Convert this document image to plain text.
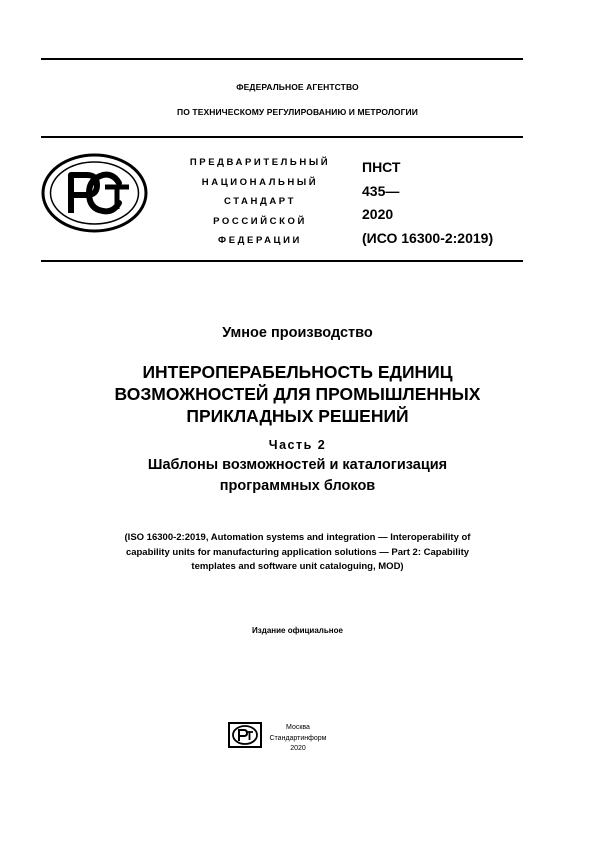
ФЕДЕРАЛЬНОЕ АГЕНТСТВО
ПО ТЕХНИЧЕСКОМУ РЕГУЛИРОВАНИЮ И МЕТРОЛОГИИ
ПРЕДВАРИТЕЛЬНЫЙ
НАЦИОНАЛЬНЫЙ
СТАНДАРТ
РОССИЙСКОЙ
ФЕДЕРАЦИИ
ПНСТ
435—
2020
(ИСО 16300-2:2019)
Умное производство
ИНТЕРОПЕРАБЕЛЬНОСТЬ ЕДИНИЦ
ВОЗМОЖНОСТЕЙ ДЛЯ ПРОМЫШЛЕННЫХ
ПРИКЛАДНЫХ РЕШЕНИЙ
Часть 2
Шаблоны возможностей и каталогизация
программных блоков
(ISO 16300-2:2019, Automation systems and integration — Interoperability of
capability units for manufacturing application solutions — Part 2: Capability
templates and software unit cataloguing, MOD)
Издание официальное
Москва
Стандартинформ
2020
